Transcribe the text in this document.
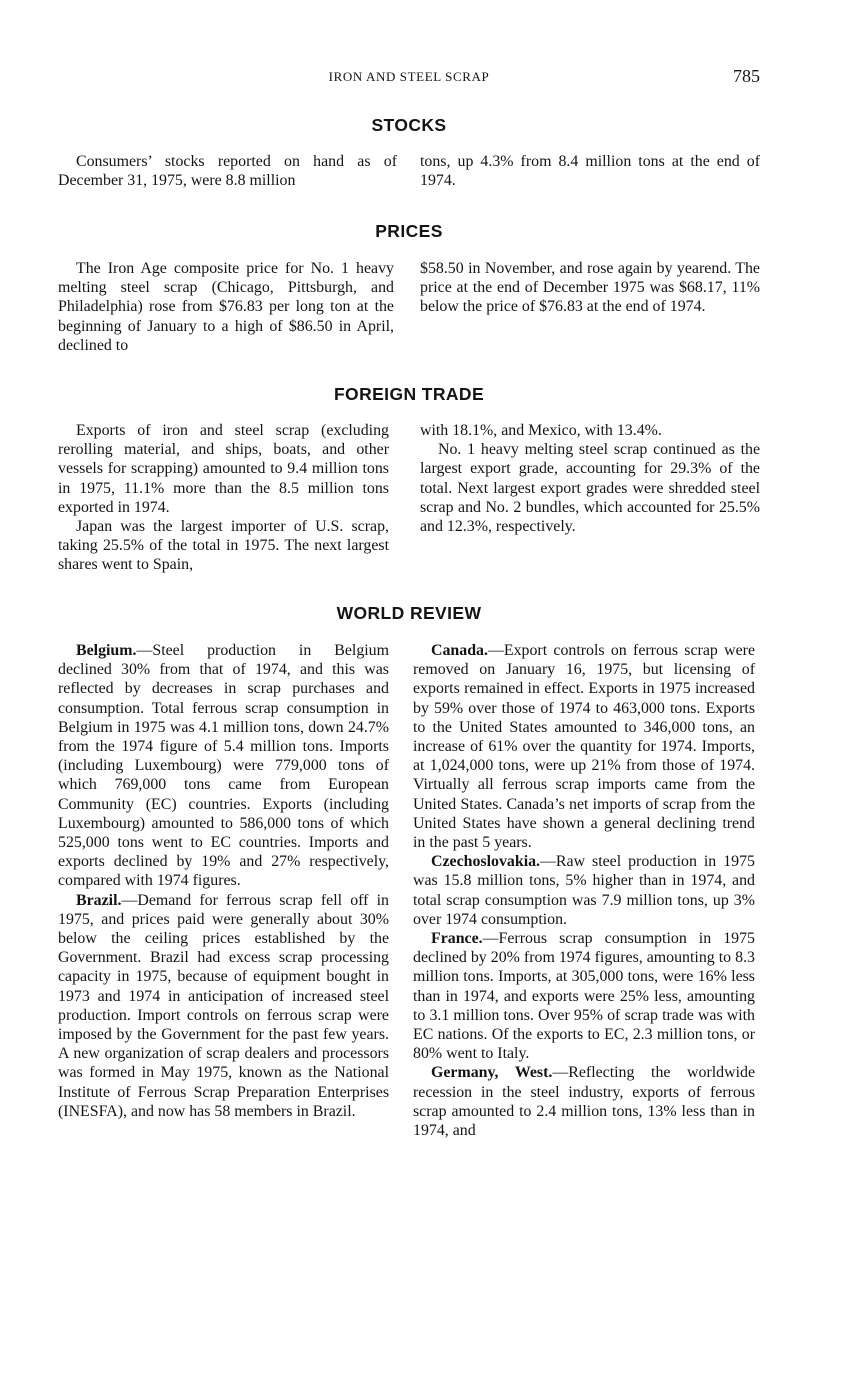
IRON AND STEEL SCRAP	785
STOCKS

Consumers’ stocks reported on hand as of December 31, 1975, were 8.8 million

tons, up 4.3% from 8.4 million tons at the end of 1974.

PRICES

The Iron Age composite price for No. 1 heavy melting steel scrap (Chicago, Pittsburgh, and Philadelphia) rose from $76.83 per long ton at the beginning of January to a high of $86.50 in April, declined to

$58.50 in November, and rose again by yearend. The price at the end of December 1975 was $68.17, 11% below the price of $76.83 at the end of 1974.

FOREIGN TRADE

Exports of iron and steel scrap (excluding rerolling material, and ships, boats, and other vessels for scrapping) amounted to 9.4 million tons in 1975, 11.1% more than the 8.5 million tons exported in 1974.

Japan was the largest importer of U.S. scrap, taking 25.5% of the total in 1975. The next largest shares went to Spain,

with 18.1%, and Mexico, with 13.4%.

No. 1 heavy melting steel scrap continued as the largest export grade, accounting for 29.3% of the total. Next largest export grades were shredded steel scrap and No. 2 bundles, which accounted for 25.5% and 12.3%, respectively.

WORLD REVIEW

Belgium.—Steel production in Belgium declined 30% from that of 1974, and this was reflected by decreases in scrap purchases and consumption. Total ferrous scrap consumption in Belgium in 1975 was 4.1 million tons, down 24.7% from the 1974 figure of 5.4 million tons. Imports (including Luxembourg) were 779,000 tons of which 769,000 tons came from European Community (EC) countries. Exports (including Luxembourg) amounted to 586,000 tons of which 525,000 tons went to EC countries. Imports and exports declined by 19% and 27% respectively, compared with 1974 figures.

Brazil.—Demand for ferrous scrap fell off in 1975, and prices paid were generally about 30% below the ceiling prices established by the Government. Brazil had excess scrap processing capacity in 1975, because of equipment bought in 1973 and 1974 in anticipation of increased steel production. Import controls on ferrous scrap were imposed by the Government for the past few years. A new organization of scrap dealers and processors was formed in May 1975, known as the National Institute of Ferrous Scrap Preparation Enterprises (INESFA), and now has 58 members in Brazil.

Canada.—Export controls on ferrous scrap were removed on January 16, 1975, but licensing of exports remained in effect. Exports in 1975 increased by 59% over those of 1974 to 463,000 tons. Exports to the United States amounted to 346,000 tons, an increase of 61% over the quantity for 1974. Imports, at 1,024,000 tons, were up 21% from those of 1974. Virtually all ferrous scrap imports came from the United States. Canada’s net imports of scrap from the United States have shown a general declining trend in the past 5 years.

Czechoslovakia.—Raw steel production in 1975 was 15.8 million tons, 5% higher than in 1974, and total scrap consumption was 7.9 million tons, up 3% over 1974 consumption.

France.—Ferrous scrap consumption in 1975 declined by 20% from 1974 figures, amounting to 8.3 million tons. Imports, at 305,000 tons, were 16% less than in 1974, and exports were 25% less, amounting to 3.1 million tons. Over 95% of scrap trade was with EC nations. Of the exports to EC, 2.3 million tons, or 80% went to Italy.

Germany, West.—Reflecting the worldwide recession in the steel industry, exports of ferrous scrap amounted to 2.4 million tons, 13% less than in 1974, and
